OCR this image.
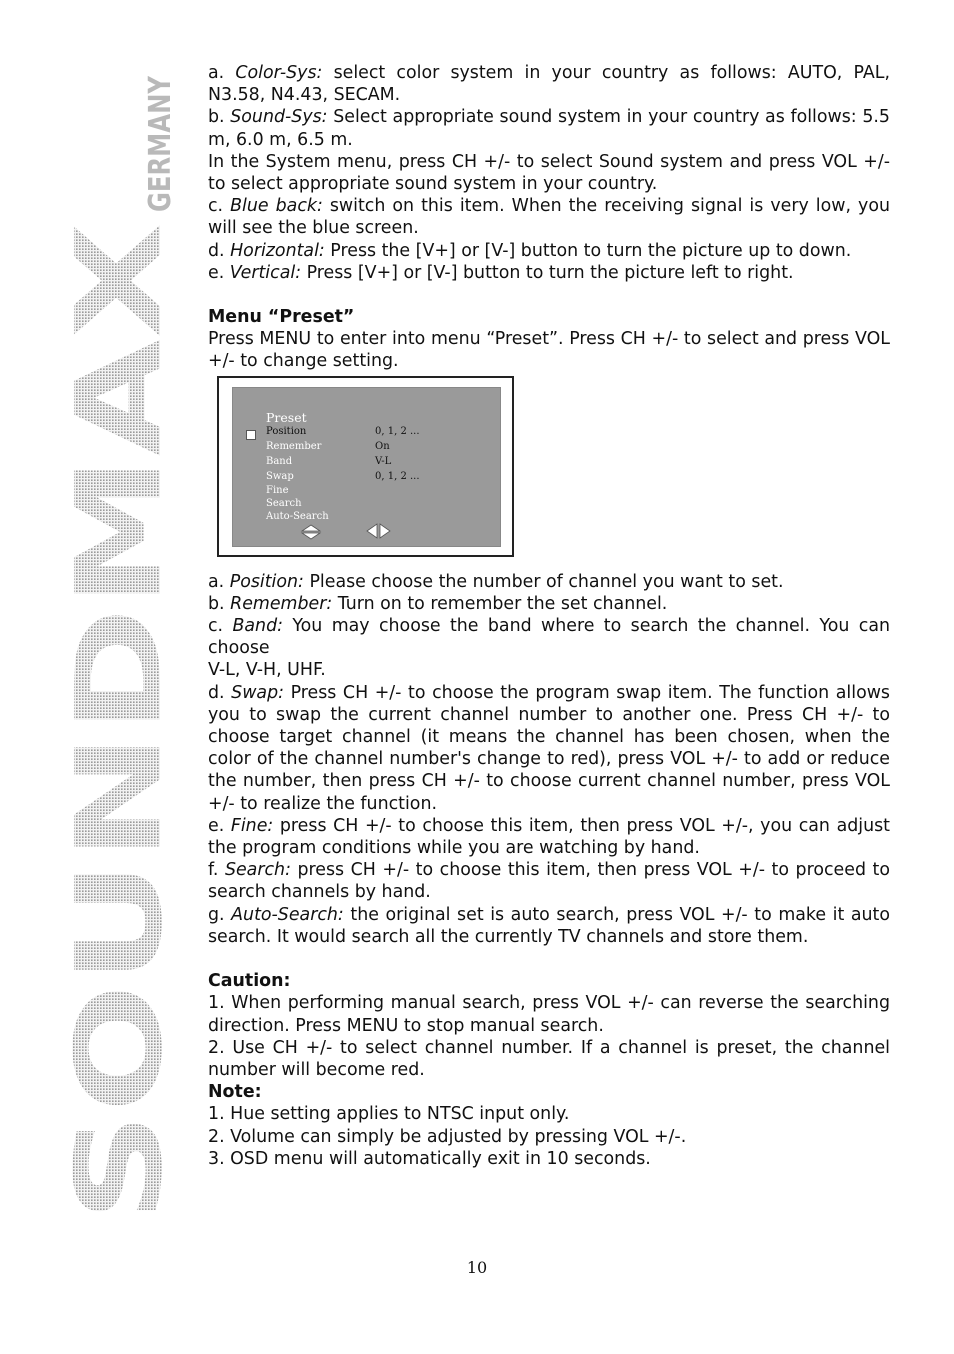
SOUNDMAX
GERMANY a. Color-Sys: select color system in your country as follows: AUTO, PAL, N3.58, N4.43, SECAM.

b. Sound-Sys: Select appropriate sound system in your country as follows: 5.5 m, 6.0 m, 6.5 m.

In the System menu, press CH +/- to select Sound system and press VOL +/- to select appropriate sound system in your country.

c. Blue back: switch on this item. When the receiving signal is very low, you will see the blue screen.

d. Horizontal: Press the [V+] or [V-] button to turn the picture up to down.

e. Vertical: Press [V+] or [V-] button to turn the picture left to right.

Menu “Preset”

Press MENU to enter into menu “Preset”. Press CH +/- to select and press VOL +/- to change setting.

Preset
Position	0, 1, 2 ...
Remember	On
Band	V-L
Swap	0, 1, 2 ...
Fine
Search
Auto-Search

a. Position: Please choose the number of channel you want to set.

b. Remember: Turn on to remember the set channel.

c. Band: You may choose the band where to search the channel. You can choose

V-L, V-H, UHF.

d. Swap: Press CH +/- to choose the program swap item. The function allows you to swap the current channel number to another one. Press CH +/- to choose target channel (it means the channel has been chosen, when the color of the channel number's change to red), press VOL +/- to add or reduce the number, then press CH +/- to choose current channel number, press VOL +/- to realize the function.

e. Fine: press CH +/- to choose this item, then press VOL +/-, you can adjust the program conditions while you are watching by hand.

f. Search: press CH +/- to choose this item, then press VOL +/- to proceed to search channels by hand.

g. Auto-Search: the original set is auto search, press VOL +/- to make it auto search. It would search all the currently TV channels and store them.

Caution:

1. When performing manual search, press VOL +/- can reverse the searching direction. Press MENU to stop manual search.

2. Use CH +/- to select channel number. If a channel is preset, the channel number will become red.

Note:

1. Hue setting applies to NTSC input only.

2. Volume can simply be adjusted by pressing VOL +/-.

3. OSD menu will automatically exit in 10 seconds.

10
